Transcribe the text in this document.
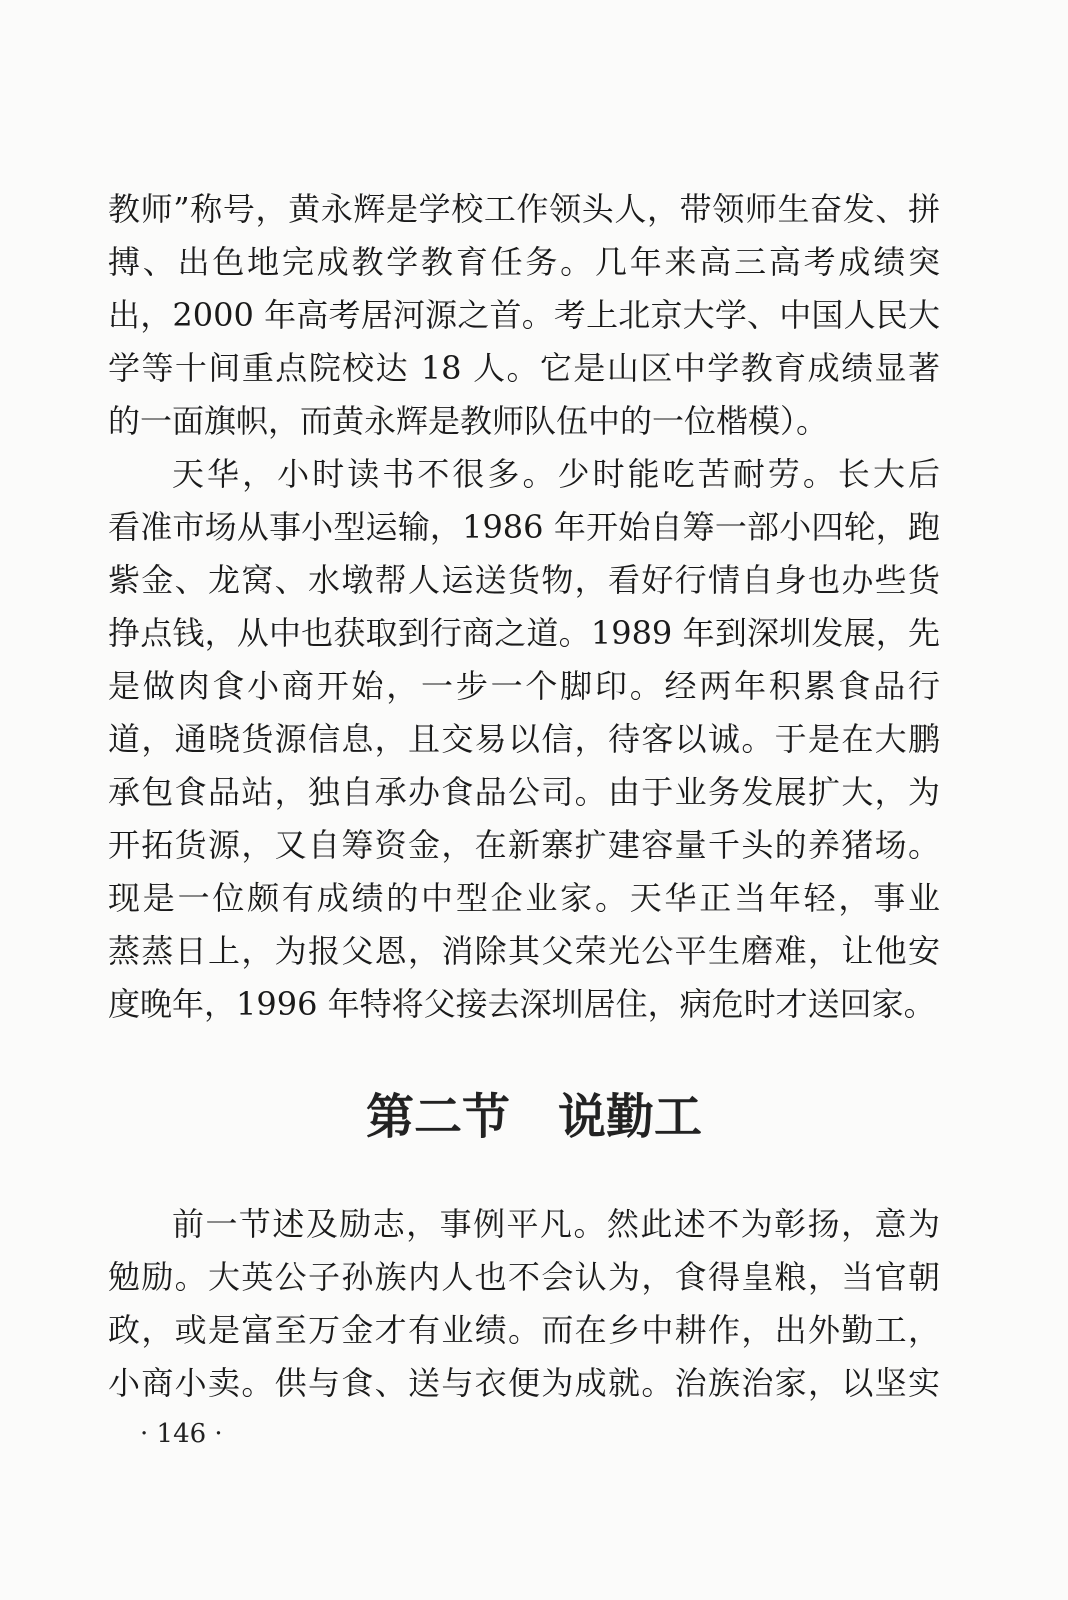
教师”称号，黄永辉是学校工作领头人，带领师生奋发、拼
搏、出色地完成教学教育任务。几年来高三高考成绩突
出，2000 年高考居河源之首。考上北京大学、中国人民大
学等十间重点院校达 18 人。它是山区中学教育成绩显著
的一面旗帜，而黄永辉是教师队伍中的一位楷模）。
天华，小时读书不很多。少时能吃苦耐劳。长大后
看准市场从事小型运输，1986 年开始自筹一部小四轮，跑
紫金、龙窝、水墩帮人运送货物，看好行情自身也办些货
挣点钱，从中也获取到行商之道。1989 年到深圳发展，先
是做肉食小商开始，一步一个脚印。经两年积累食品行
道，通晓货源信息，且交易以信，待客以诚。于是在大鹏
承包食品站，独自承办食品公司。由于业务发展扩大，为
开拓货源，又自筹资金，在新寨扩建容量千头的养猪场。
现是一位颇有成绩的中型企业家。天华正当年轻，事业
蒸蒸日上，为报父恩，消除其父荣光公平生磨难，让他安
度晚年，1996 年特将父接去深圳居住，病危时才送回家。
第二节　说勤工
前一节述及励志，事例平凡。然此述不为彰扬，意为
勉励。大英公子孙族内人也不会认为，食得皇粮，当官朝
政，或是富至万金才有业绩。而在乡中耕作，出外勤工，
小商小卖。供与食、送与衣便为成就。治族治家，以坚实
· 146 ·
